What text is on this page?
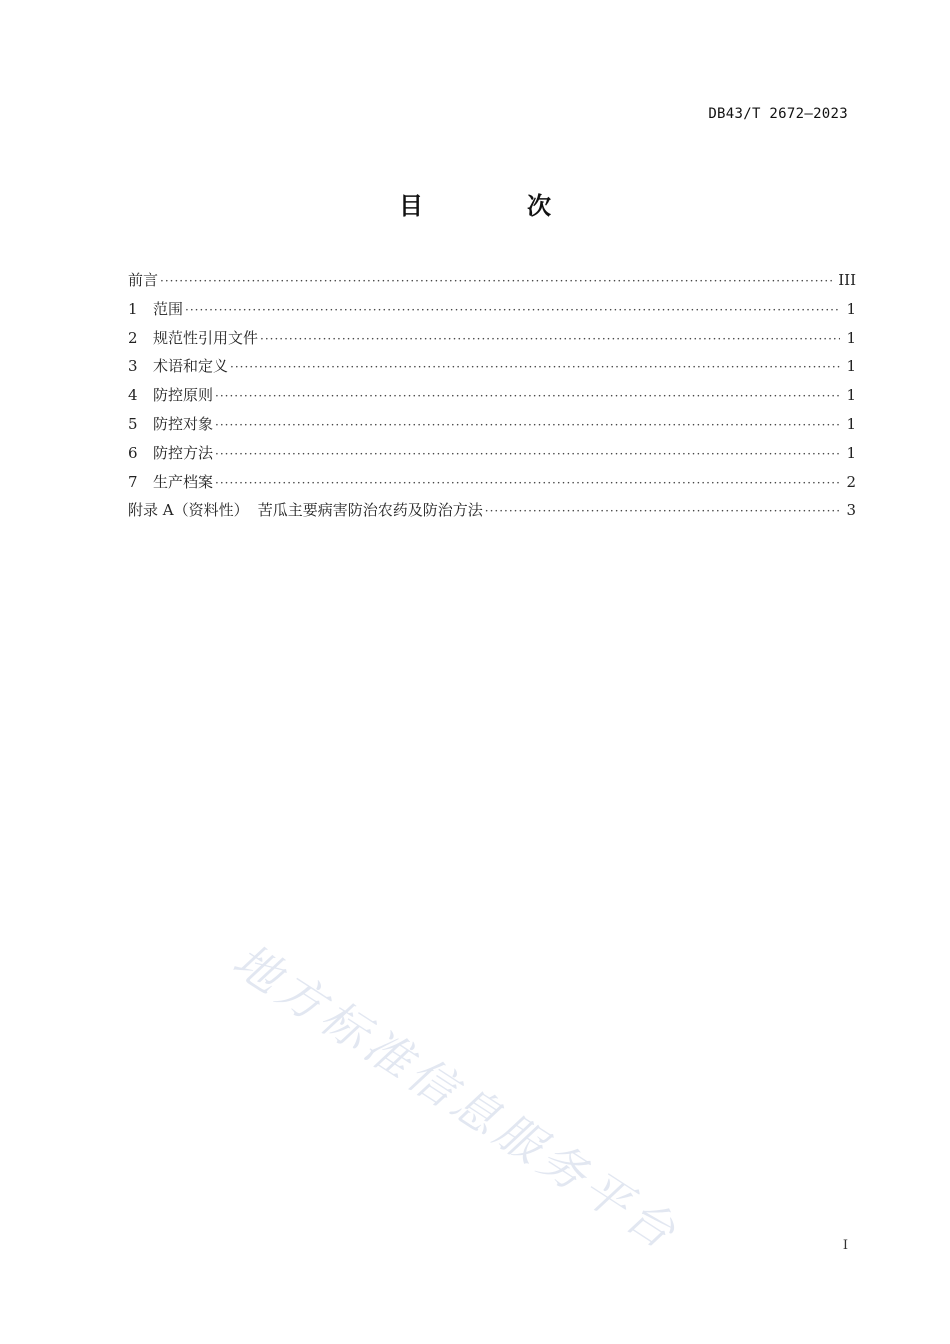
DB43/T 2672—2023
目　次
前言 ·····	III
1	范围 ·····	1
2	规范性引用文件 ·····	1
3	术语和定义 ·····	1
4	防控原则 ·····	1
5	防控对象 ·····	1
6	防控方法 ·····	1
7	生产档案 ·····	2
附录 A（资料性） 苦瓜主要病害防治农药及防治方法 ·····	3
地方标准信息服务平台	I
